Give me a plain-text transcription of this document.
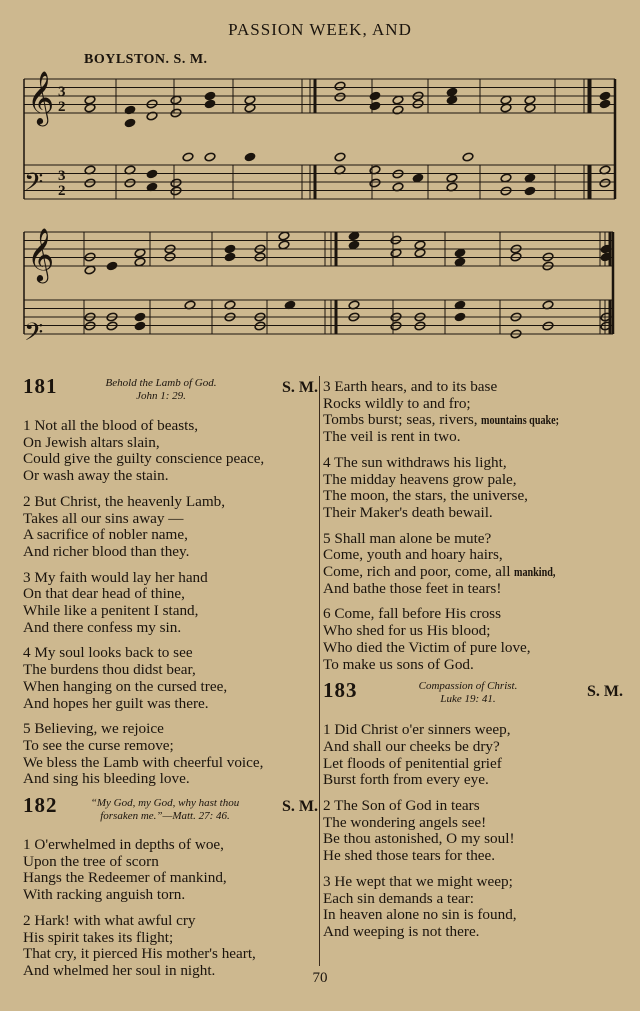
PASSION WEEK, AND
BOYLSTON. S. M.
𝄞
𝄞
𝄢
𝄢
3
2
3
2
181	Behold the Lamb of God.
John 1: 29.	S. M.

1 Not all the blood of beasts,

On Jewish altars slain,

Could give the guilty conscience peace,

Or wash away the stain.

2 But Christ, the heavenly Lamb,

Takes all our sins away —

A sacrifice of nobler name,

And richer blood than they.

3 My faith would lay her hand

On that dear head of thine,

While like a penitent I stand,

And there confess my sin.

4 My soul looks back to see

The burdens thou didst bear,

When hanging on the cursed tree,

And hopes her guilt was there.

5 Believing, we rejoice

To see the curse remove;

We bless the Lamb with cheerful voice,

And sing his bleeding love.

182	“My God, my God, why hast thou
forsaken me.”—Matt. 27: 46.
S. M.

1 O'erwhelmed in depths of woe,

Upon the tree of scorn

Hangs the Redeemer of mankind,

With racking anguish torn.

2 Hark! with what awful cry

His spirit takes its flight;

That cry, it pierced His mother's heart,

And whelmed her soul in night.

3 Earth hears, and to its base

Rocks wildly to and fro;

Tombs burst; seas, rivers, mountains quake;

The veil is rent in two.

4 The sun withdraws his light,

The midday heavens grow pale,

The moon, the stars, the universe,

Their Maker's death bewail.

5 Shall man alone be mute?

Come, youth and hoary hairs,

Come, rich and poor, come, all mankind,

And bathe those feet in tears!

6 Come, fall before His cross

Who shed for us His blood;

Who died the Victim of pure love,

To make us sons of God.

183	Compassion of Christ.
Luke 19: 41.	S. M.

1 Did Christ o'er sinners weep,

And shall our cheeks be dry?

Let floods of penitential grief

Burst forth from every eye.

2 The Son of God in tears

The wondering angels see!

Be thou astonished, O my soul!

He shed those tears for thee.

3 He wept that we might weep;

Each sin demands a tear:

In heaven alone no sin is found,

And weeping is not there.

70
